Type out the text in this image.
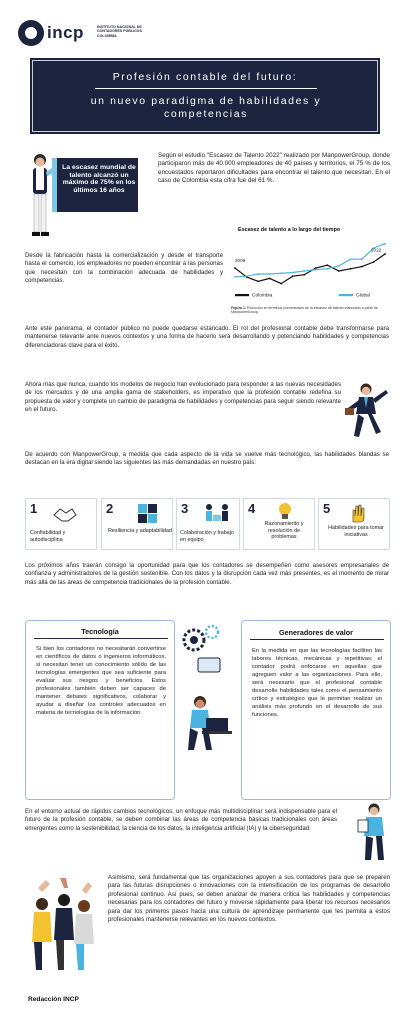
incp	INSTITUTO NACIONAL DE CONTADORES PÚBLICOS COLOMBIA
Profesión contable del futuro:
un nuevo paradigma de habilidades y competencias
La escasez mundial de talento alcanzó un máximo de 75% en los últimos 16 años

Según el estudio "Escasez de Talento 2022" realizado por ManpowerGroup, donde participaron más de 40.000 empleadores de 40 países y territorios, el 75 % de los encuestados reportaron dificultades para encontrar el talento que necesitan. En el caso de Colombia esta cifra fue del 61 %.

Desde la fabricación hasta la comercialización y desde el transporte hasta el comercio, los empleadores no pueden encontrar a las personas que necesitan con la combinación adecuada de habilidades y competencias.

Escasez de talento a lo largo del tiempo
2009
2022
Colombia	Global

Figura 1. Evolución en términos porcentuales de la escasez de talento elaborado a partir de ManpowerGroup.

Ante este panorama, el contador público no puede quedarse estancado. El rol del profesional contable debe transformarse para mantenerse relevante ante nuevos contextos y una forma de hacerlo será desarrollando y potenciando habilidades y competencias diferenciadoras clave para el éxito.

Ahora más que nunca, cuando los modelos de negocio han evolucionado para responder a las nuevas necesidades de los mercados y de una amplia gama de stakeholders, es imperativo que la profesión contable redefina su propuesta de valor y complete un cambio de paradigma de habilidades y competencias para seguir siendo relevante en el futuro.

De acuerdo con ManpowerGroup, a medida que cada aspecto de la vida se vuelve más tecnológico, las habilidades blandas se destacan en la era digital siendo las siguientes las más demandadas en nuestro país:

1
Confiabilidad y autodisciplina
2
Resiliencia y adaptabilidad
3
Colaboración y trabajo en equipo
4
Razonamiento y resolución de problemas
5
Habilidades para tomar iniciativas

Los próximos años traerán consigo la oportunidad para que los contadores se desempeñen como asesores empresariales de confianza y administradores de la gestión sostenible. Con los datos y la disrupción cada vez más presentes, es el momento de mirar más allá de las áreas de competencia tradicionales de la profesión contable.

Tecnología

Si bien los contadores no necesitarán convertirse en científicos de datos o ingenieros informáticos, sí necesitan tener un conocimiento sólido de las tecnologías emergentes que sea suficiente para evaluar sus riesgos y beneficios. Estos profesionales también deben ser capaces de mantener debates significativos, colaborar y ayudar a diseñar los controles adecuados en materia de tecnologías de la información.

Generadores de valor

En la medida en que las tecnologías faciliten las labores técnicas, mecánicas y repetitivas; el contador podrá enfocarse en aquellas que agreguen valor a las organizaciones. Para ello, será necesario que el profesional contable desarrolle habilidades tales como el pensamiento crítico y estratégico que le permitan realizar un análisis más profundo en el desarrollo de sus funciones.

En el entorno actual de rápidos cambios tecnológicos, un enfoque más multidisciplinar será indispensable para el futuro de la profesión contable, se deben combinar las áreas de competencia básicas tradicionales con áreas emergentes como la sostenibilidad, la ciencia de los datos, la inteligencia artificial (IA) y la ciberseguridad.

Asimismo, será fundamental que las organizaciones apoyen a sus contadores para que se preparen para las futuras disrupciones o innovaciones con la intensificación de los programas de desarrollo profesional continuo. Así pues, se deben analizar de manera crítica las habilidades y competencias necesarias para los contadores del futuro y moverse rápidamente para liberar los recursos necesarios para dar los primeros pasos hacia una cultura de aprendizaje permanente que les permita a estos profesionales mantenerse relevantes en los nuevos contextos.

Redacción INCP
